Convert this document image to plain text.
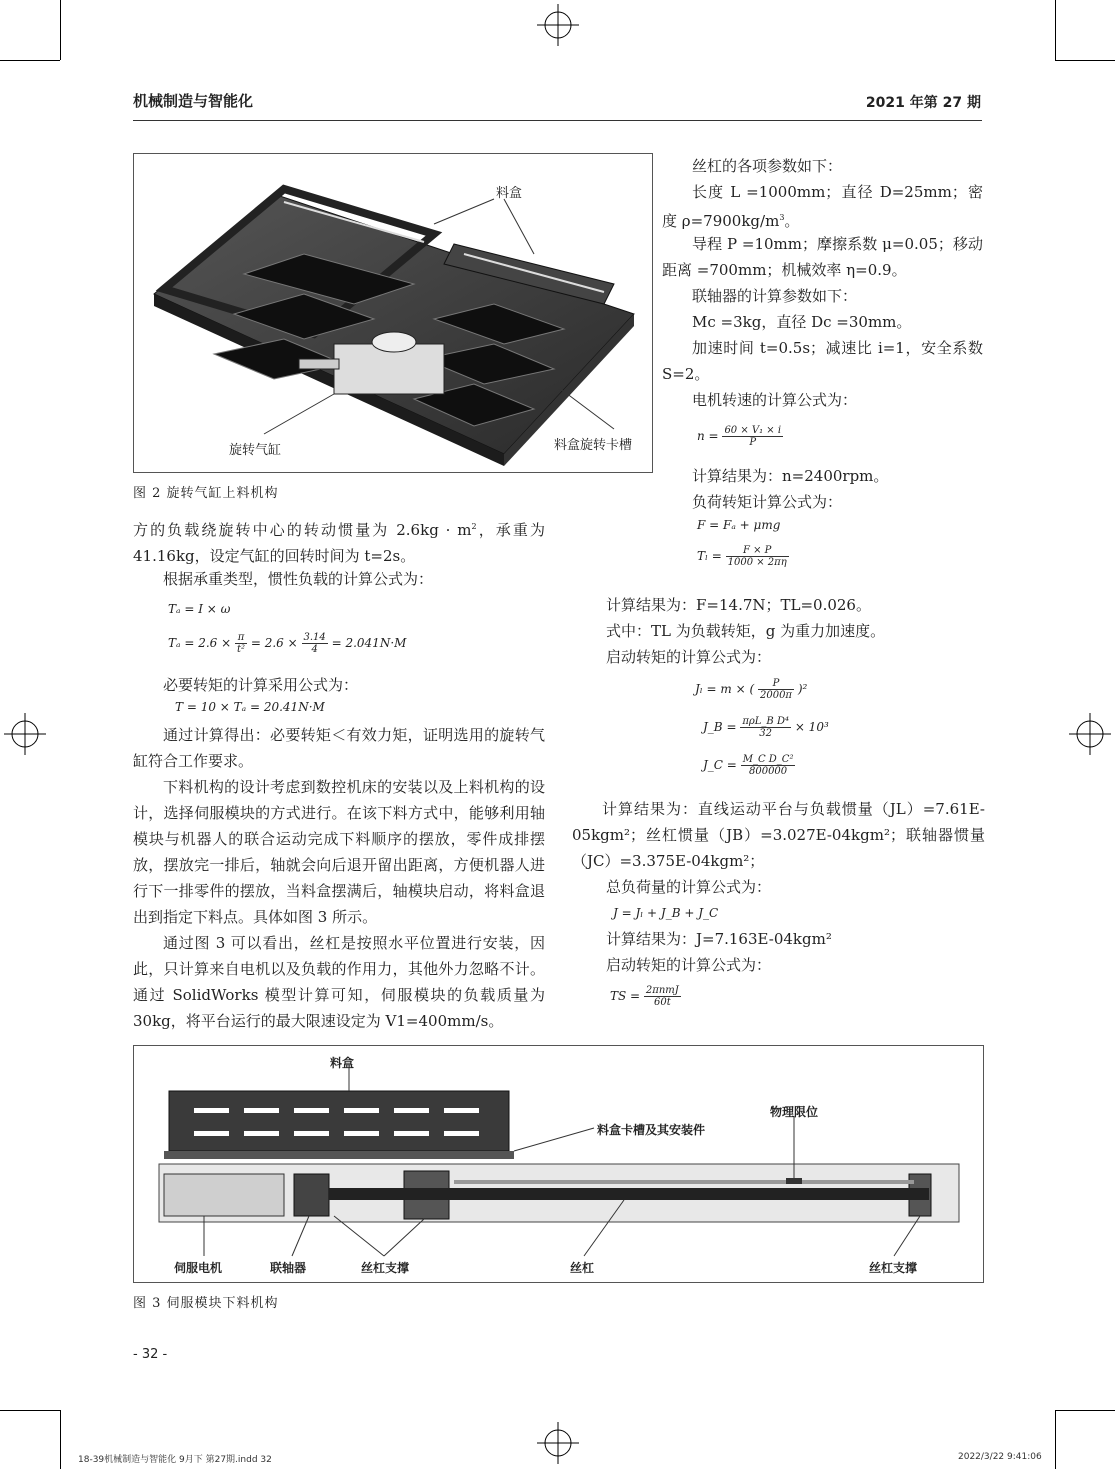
机械制造与智能化	2021 年第 27 期
料盒
旋转气缸	料盒旋转卡槽
图 2 旋转气缸上料机构
方的负载绕旋转中心的转动惯量为 $2.6kg \cdot m^2$，承重为 41.16kg，设定气缸的回转时间为 t=2s。
根据承重类型，惯性负载的计算公式为：
Tₐ = I × ω
$T_a = 2.6 \times \frac{\pi}{\text{t²}} = 2.6 \times \frac{3.14}{4} = 2.041N\cdot M$
必要转矩的计算采用公式为：
T = 10 × Tₐ = 20.41N·M
通过计算得出：必要转矩＜有效力矩，证明选用的旋转气缸符合工作要求。
下料机构的设计考虑到数控机床的安装以及上料机构的设计，选择伺服模块的方式进行。在该下料方式中，能够利用轴模块与机器人的联合运动完成下料顺序的摆放，零件成排摆放，摆放完一排后，轴就会向后退开留出距离，方便机器人进行下一排零件的摆放，当料盒摆满后，轴模块启动，将料盒退出到指定下料点。具体如图 3 所示。
通过图 3 可以看出，丝杠是按照水平位置进行安装，因此，只计算来自电机以及负载的作用力，其他外力忽略不计。通过 SolidWorks 模型计算可知，伺服模块的负载质量为 30kg，将平台运行的最大限速设定为 V1=400mm/s。
丝杠的各项参数如下：
长度 L =1000mm；直径 D=25mm；密度 $\rho=7900kg/m^3$。
导程 P =10mm；摩擦系数 μ=0.05；移动距离 =700mm；机械效率 η=0.9。
联轴器的计算参数如下：
Mc =3kg，直径 Dc =30mm。
加速时间 t=0.5s；减速比 i=1，安全系数 S=2。
电机转速的计算公式为：
$n = \frac{\text{60 × V₁ × i}}{P}$
计算结果为：n=2400rpm。
负荷转矩计算公式为：
F = Fₐ + μmg
$T_l = \frac{F \times P}{1000 \times 2\pi\eta}$
计算结果为：F=14.7N；TL=0.026。
式中：TL 为负载转矩，g 为重力加速度。
启动转矩的计算公式为：
Jₗ = m × ( $\frac{P}{2000\pi} )^2$
J_B = $\frac{\text{πρL\_B D⁴}}{32} \times 10^3$
J_C = $\frac{\text{M\_C D\_C²}}{800000}$
计算结果为：直线运动平台与负载惯量（JL）=7.61E-05kgm²；丝杠惯量（JB）=3.027E-04kgm²；联轴器惯量（JC）=3.375E-04kgm²；
总负荷量的计算公式为：
J = Jₗ + J_B + J_C
计算结果为：J=7.163E-04kgm²
启动转矩的计算公式为：
TS = $\frac{\text{2πnmJ}}{60t}$
料盒
料盒卡槽及其安装件
物理限位
伺服电机	联轴器	丝杠支撑	丝杠	丝杠支撑
图 3 伺服模块下料机构
- 32 -
18-39机械制造与智能化 9月下 第27期.indd 32	2022/3/22 9:41:06
